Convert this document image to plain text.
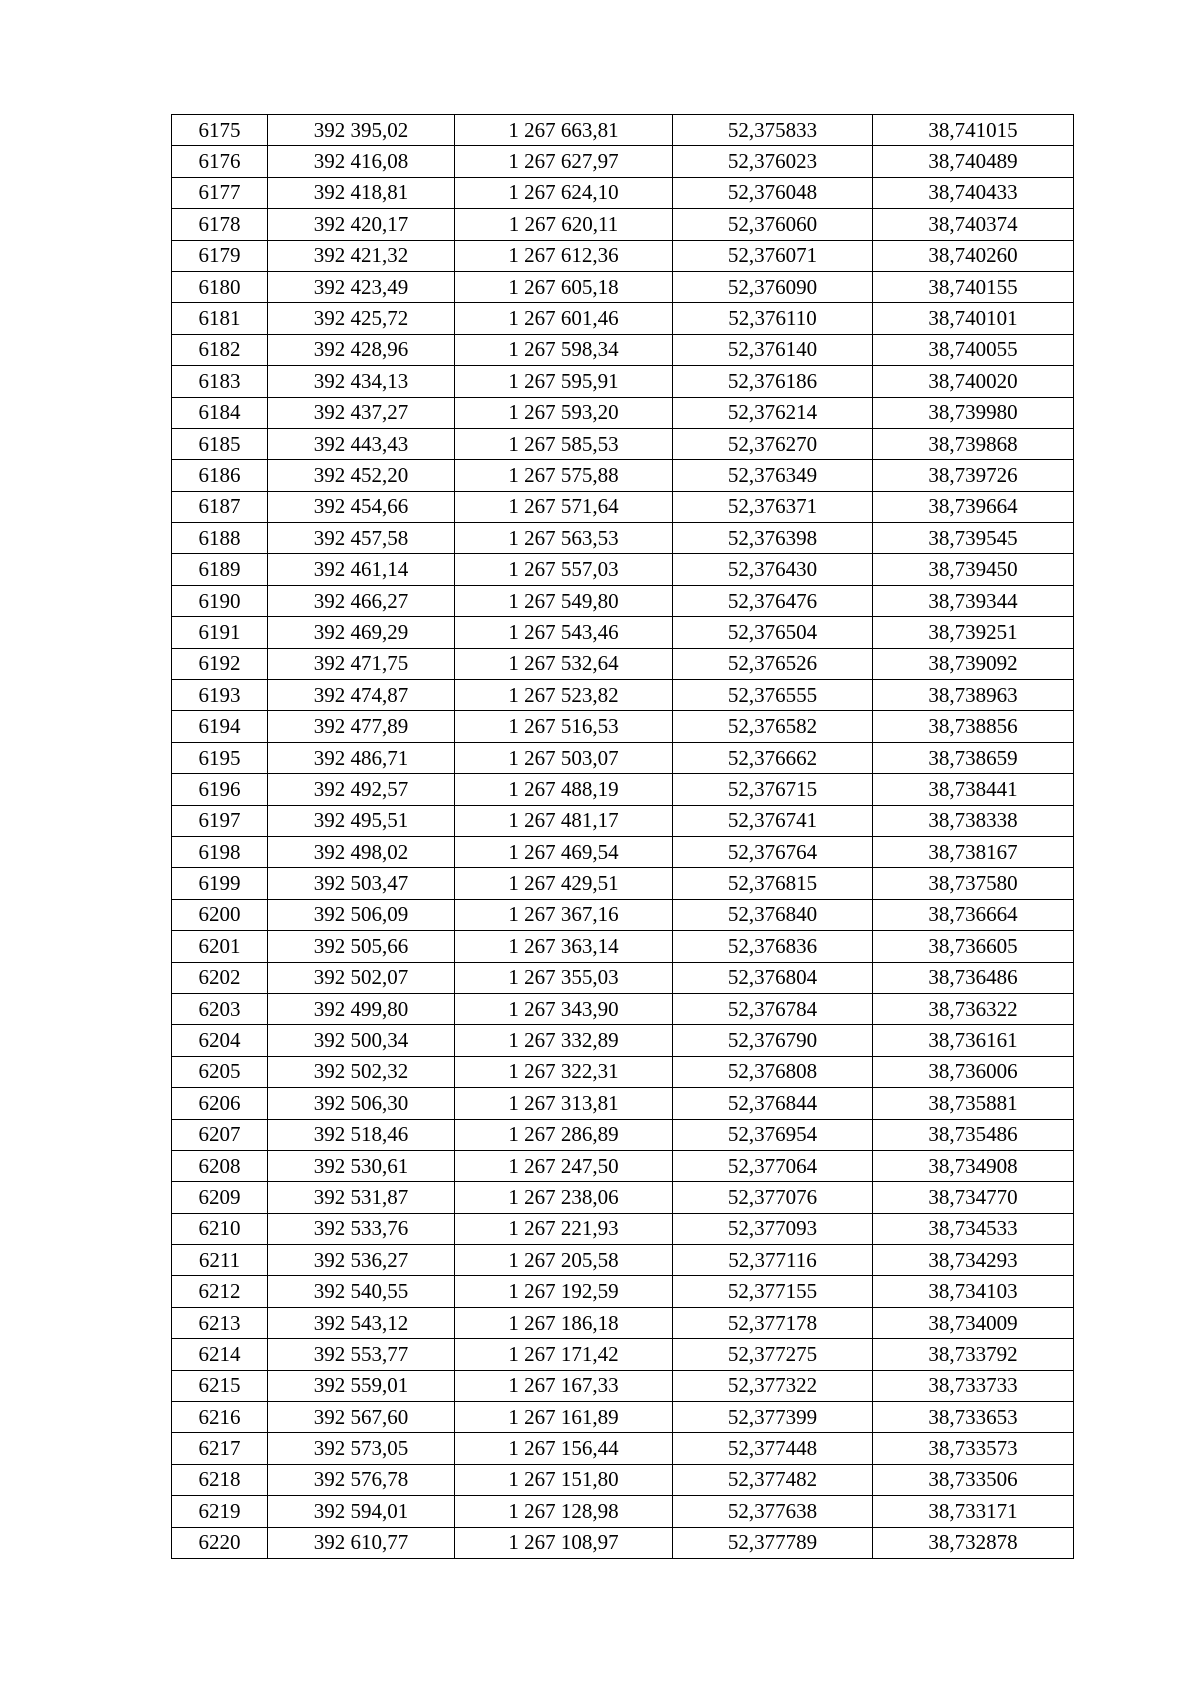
6175	392 395,02	1 267 663,81	52,375833	38,741015
6176	392 416,08	1 267 627,97	52,376023	38,740489
6177	392 418,81	1 267 624,10	52,376048	38,740433
6178	392 420,17	1 267 620,11	52,376060	38,740374
6179	392 421,32	1 267 612,36	52,376071	38,740260
6180	392 423,49	1 267 605,18	52,376090	38,740155
6181	392 425,72	1 267 601,46	52,376110	38,740101
6182	392 428,96	1 267 598,34	52,376140	38,740055
6183	392 434,13	1 267 595,91	52,376186	38,740020
6184	392 437,27	1 267 593,20	52,376214	38,739980
6185	392 443,43	1 267 585,53	52,376270	38,739868
6186	392 452,20	1 267 575,88	52,376349	38,739726
6187	392 454,66	1 267 571,64	52,376371	38,739664
6188	392 457,58	1 267 563,53	52,376398	38,739545
6189	392 461,14	1 267 557,03	52,376430	38,739450
6190	392 466,27	1 267 549,80	52,376476	38,739344
6191	392 469,29	1 267 543,46	52,376504	38,739251
6192	392 471,75	1 267 532,64	52,376526	38,739092
6193	392 474,87	1 267 523,82	52,376555	38,738963
6194	392 477,89	1 267 516,53	52,376582	38,738856
6195	392 486,71	1 267 503,07	52,376662	38,738659
6196	392 492,57	1 267 488,19	52,376715	38,738441
6197	392 495,51	1 267 481,17	52,376741	38,738338
6198	392 498,02	1 267 469,54	52,376764	38,738167
6199	392 503,47	1 267 429,51	52,376815	38,737580
6200	392 506,09	1 267 367,16	52,376840	38,736664
6201	392 505,66	1 267 363,14	52,376836	38,736605
6202	392 502,07	1 267 355,03	52,376804	38,736486
6203	392 499,80	1 267 343,90	52,376784	38,736322
6204	392 500,34	1 267 332,89	52,376790	38,736161
6205	392 502,32	1 267 322,31	52,376808	38,736006
6206	392 506,30	1 267 313,81	52,376844	38,735881
6207	392 518,46	1 267 286,89	52,376954	38,735486
6208	392 530,61	1 267 247,50	52,377064	38,734908
6209	392 531,87	1 267 238,06	52,377076	38,734770
6210	392 533,76	1 267 221,93	52,377093	38,734533
6211	392 536,27	1 267 205,58	52,377116	38,734293
6212	392 540,55	1 267 192,59	52,377155	38,734103
6213	392 543,12	1 267 186,18	52,377178	38,734009
6214	392 553,77	1 267 171,42	52,377275	38,733792
6215	392 559,01	1 267 167,33	52,377322	38,733733
6216	392 567,60	1 267 161,89	52,377399	38,733653
6217	392 573,05	1 267 156,44	52,377448	38,733573
6218	392 576,78	1 267 151,80	52,377482	38,733506
6219	392 594,01	1 267 128,98	52,377638	38,733171
6220	392 610,77	1 267 108,97	52,377789	38,732878
